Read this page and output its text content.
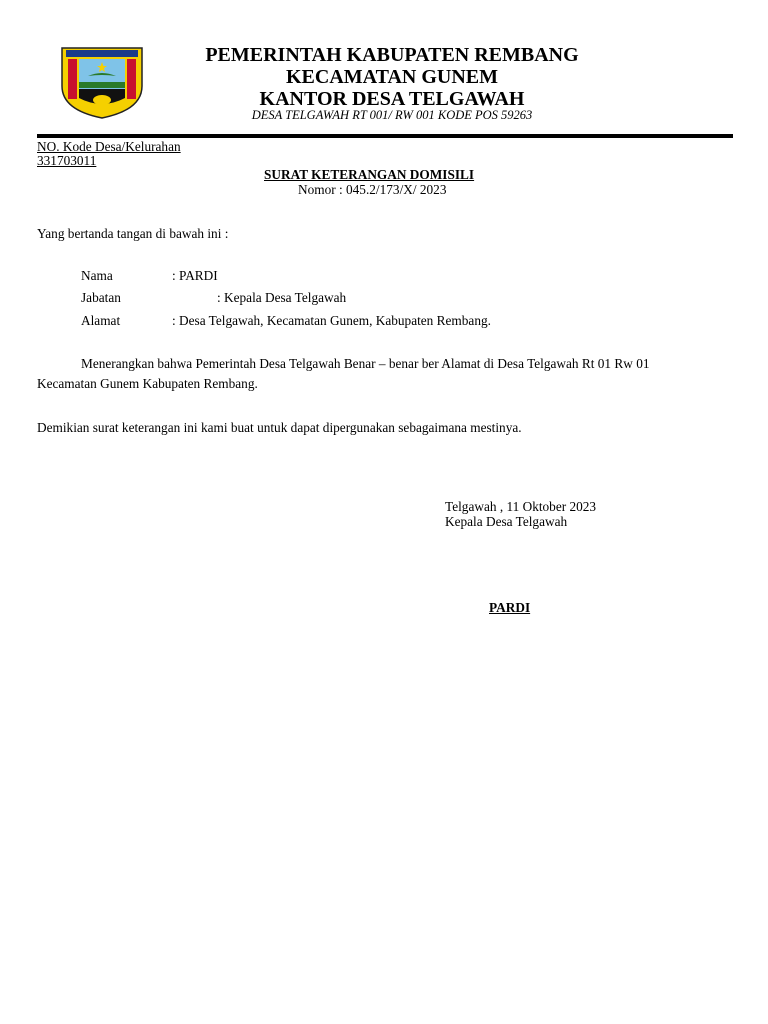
PEMERINTAH KABUPATEN REMBANG
KECAMATAN GUNEM
KANTOR DESA TELGAWAH
DESA TELGAWAH RT 001/ RW 001 KODE POS 59263
NO. Kode Desa/Kelurahan
331703011
SURAT KETERANGAN DOMISILI
Nomor : 045.2/173/X/ 2023
Yang bertanda tangan di bawah ini :
Nama	: PARDI
Jabatan	: Kepala Desa Telgawah
Alamat	: Desa Telgawah, Kecamatan Gunem, Kabupaten Rembang.
Menerangkan bahwa Pemerintah Desa Telgawah Benar – benar ber Alamat di Desa Telgawah Rt 01 Rw 01
Kecamatan Gunem Kabupaten Rembang.
Demikian surat keterangan ini kami buat untuk dapat dipergunakan sebagaimana mestinya.
Telgawah , 11 Oktober 2023
Kepala Desa Telgawah
PARDI
